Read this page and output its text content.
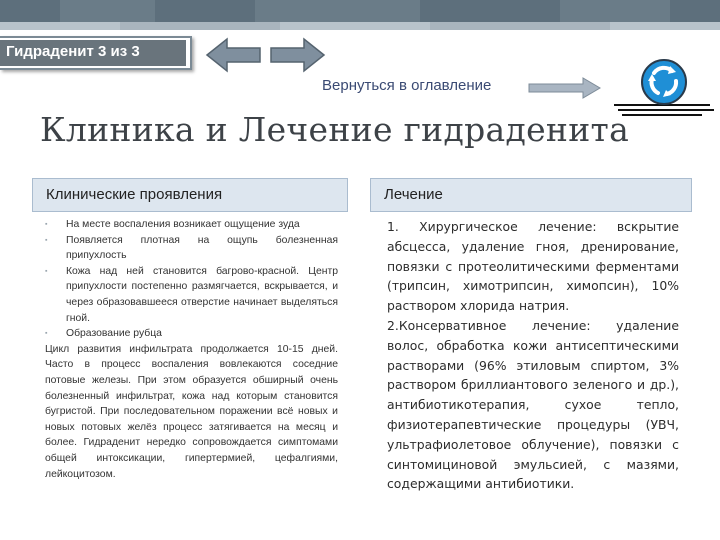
Гидраденит 3 из 3
Вернуться в оглавление
Клиника и Лечение гидраденита
Клинические проявления	Лечение
▪ На месте воспаления возникает ощущение зуда
▪ Появляется плотная на ощупь болезненная припухлость
▪ Кожа над ней становится багрово-красной. Центр припухлости постепенно размягчается, вскрывается, и через образовавшееся отверстие начинает выделяться гной.
▪ Образование рубца

Цикл развития инфильтрата продолжается 10-15 дней. Часто в процесс воспаления вовлекаются соседние потовые железы. При этом образуется обширный очень болезненный инфильтрат, кожа над которым становится бугристой. При последовательном поражении всё новых и новых потовых желёз процесс затягивается на месяц и более. Гидраденит нередко сопровождается симптомами общей интоксикации, гипертермией, цефалгиями, лейкоцитозом.

1. Хирургическое лечение: вскрытие абсцесса, удаление гноя, дренирование, повязки с протеолитическими ферментами (трипсин, химотрипсин, химопсин), 10% раствором хлорида натрия.

2.Консервативное лечение: удаление волос, обработка кожи антисептическими растворами (96% этиловым спиртом, 3% раствором бриллиантового зеленого и др.), антибиотикотерапия, сухое тепло, физиотерапевтические процедуры (УВЧ, ультрафиолетовое облучение), повязки с синтомициновой эмульсией, с мазями, содержащими антибиотики.
